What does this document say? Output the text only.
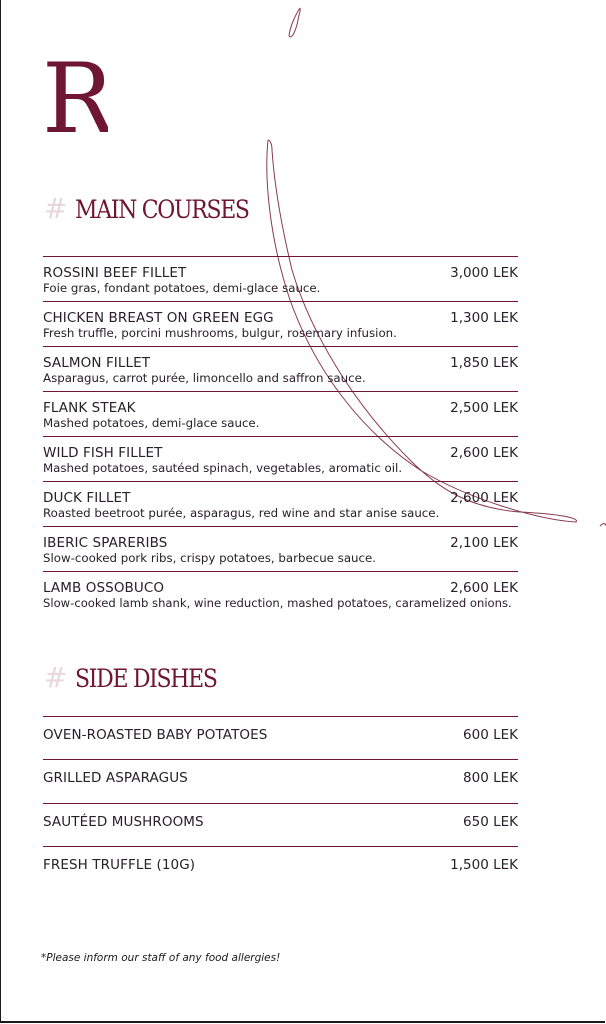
R
# MAIN COURSES
ROSSINI BEEF FILLET	3,000 LEK
Foie gras, fondant potatoes, demi-glace sauce.
CHICKEN BREAST ON GREEN EGG	1,300 LEK
Fresh truffle, porcini mushrooms, bulgur, rosemary infusion.
SALMON FILLET	1,850 LEK
Asparagus, carrot purée, limoncello and saffron sauce.
FLANK STEAK	2,500 LEK
Mashed potatoes, demi-glace sauce.
WILD FISH FILLET	2,600 LEK
Mashed potatoes, sautéed spinach, vegetables, aromatic oil.
DUCK FILLET	2,600 LEK
Roasted beetroot purée, asparagus, red wine and star anise sauce.
IBERIC SPARERIBS	2,100 LEK
Slow-cooked pork ribs, crispy potatoes, barbecue sauce.
LAMB OSSOBUCO	2,600 LEK
Slow-cooked lamb shank, wine reduction, mashed potatoes, caramelized onions.
# SIDE DISHES
OVEN-ROASTED BABY POTATOES	600 LEK
GRILLED ASPARAGUS	800 LEK
SAUTÉED MUSHROOMS	650 LEK
FRESH TRUFFLE (10G)	1,500 LEK
*Please inform our staff of any food allergies!
